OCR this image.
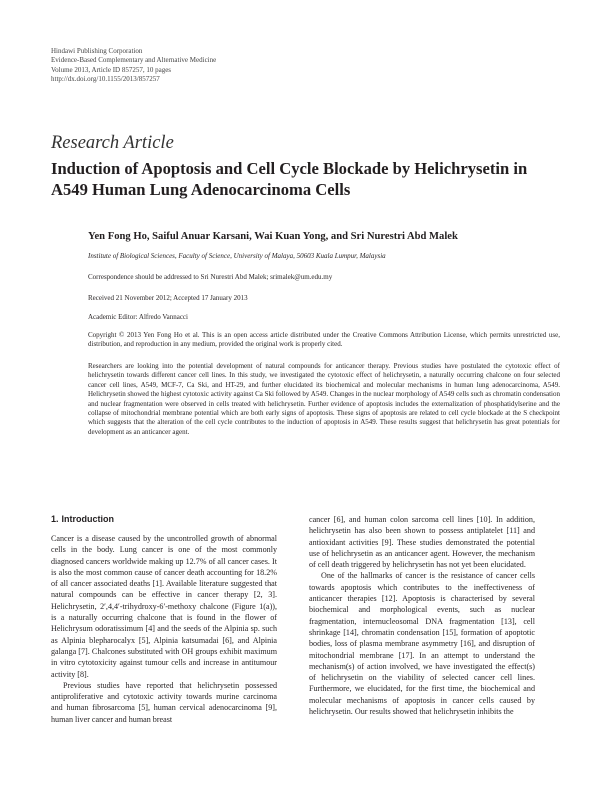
Hindawi Publishing Corporation
Evidence-Based Complementary and Alternative Medicine
Volume 2013, Article ID 857257, 10 pages
http://dx.doi.org/10.1155/2013/857257
Research Article
Induction of Apoptosis and Cell Cycle Blockade by Helichrysetin in A549 Human Lung Adenocarcinoma Cells
Yen Fong Ho, Saiful Anuar Karsani, Wai Kuan Yong, and Sri Nurestri Abd Malek
Institute of Biological Sciences, Faculty of Science, University of Malaya, 50603 Kuala Lumpur, Malaysia
Correspondence should be addressed to Sri Nurestri Abd Malek; srimalek@um.edu.my
Received 21 November 2012; Accepted 17 January 2013
Academic Editor: Alfredo Vannacci
Copyright © 2013 Yen Fong Ho et al. This is an open access article distributed under the Creative Commons Attribution License, which permits unrestricted use, distribution, and reproduction in any medium, provided the original work is properly cited.
Researchers are looking into the potential development of natural compounds for anticancer therapy. Previous studies have postulated the cytotoxic effect of helichrysetin towards different cancer cell lines. In this study, we investigated the cytotoxic effect of helichrysetin, a naturally occurring chalcone on four selected cancer cell lines, A549, MCF-7, Ca Ski, and HT-29, and further elucidated its biochemical and molecular mechanisms in human lung adenocarcinoma, A549. Helichrysetin showed the highest cytotoxic activity against Ca Ski followed by A549. Changes in the nuclear morphology of A549 cells such as chromatin condensation and nuclear fragmentation were observed in cells treated with helichrysetin. Further evidence of apoptosis includes the externalization of phosphatidylserine and the collapse of mitochondrial membrane potential which are both early signs of apoptosis. These signs of apoptosis are related to cell cycle blockade at the S checkpoint which suggests that the alteration of the cell cycle contributes to the induction of apoptosis in A549. These results suggest that helichrysetin has great potentials for development as an anticancer agent.
1. Introduction

Cancer is a disease caused by the uncontrolled growth of abnormal cells in the body. Lung cancer is one of the most commonly diagnosed cancers worldwide making up 12.7% of all cancer cases. It is also the most common cause of cancer death accounting for 18.2% of all cancer associated deaths [1]. Available literature suggested that natural compounds can be effective in cancer therapy [2, 3]. Helichrysetin, 2′,4,4′-trihydroxy-6′-methoxy chalcone (Figure 1(a)), is a naturally occurring chalcone that is found in the flower of Helichrysum odoratissimum [4] and the seeds of the Alpinia sp. such as Alpinia blepharocalyx [5], Alpinia katsumadai [6], and Alpinia galanga [7]. Chalcones substituted with OH groups exhibit maximum in vitro cytotoxicity against tumour cells and increase in antitumour activity [8].

Previous studies have reported that helichrysetin possessed antiproliferative and cytotoxic activity towards murine carcinoma and human fibrosarcoma [5], human cervical adenocarcinoma [9], human liver cancer and human breast

cancer [6], and human colon sarcoma cell lines [10]. In addition, helichrysetin has also been shown to possess antiplatelet [11] and antioxidant activities [9]. These studies demonstrated the potential use of helichrysetin as an anticancer agent. However, the mechanism of cell death triggered by helichrysetin has not yet been elucidated.

One of the hallmarks of cancer is the resistance of cancer cells towards apoptosis which contributes to the ineffectiveness of anticancer therapies [12]. Apoptosis is characterised by several biochemical and morphological events, such as nuclear fragmentation, internucleosomal DNA fragmentation [13], cell shrinkage [14], chromatin condensation [15], formation of apoptotic bodies, loss of plasma membrane asymmetry [16], and disruption of mitochondrial membrane [17]. In an attempt to understand the mechanism(s) of action involved, we have investigated the effect(s) of helichrysetin on the viability of selected cancer cell lines. Furthermore, we elucidated, for the first time, the biochemical and molecular mechanisms of apoptosis in cancer cells caused by helichrysetin. Our results showed that helichrysetin inhibits the
